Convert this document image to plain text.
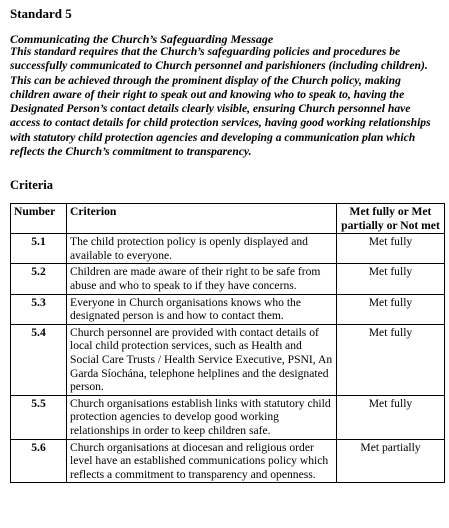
Standard 5
Communicating the Church’s Safeguarding Message

This standard requires that the Church’s safeguarding policies and procedures be successfully communicated to Church personnel and parishioners (including children). This can be achieved through the prominent display of the Church policy, making children aware of their right to speak out and knowing who to speak to, having the Designated Person’s contact details clearly visible, ensuring Church personnel have access to contact details for child protection services, having good working relationships with statutory child protection agencies and developing a communication plan which reflects the Church’s commitment to transparency.

Criteria
Number	Criterion	Met fully or Met partially or Not met
5.1	The child protection policy is openly displayed and available to everyone.	Met fully
5.2	Children are made aware of their right to be safe from abuse and who to speak to if they have concerns.	Met fully
5.3	Everyone in Church organisations knows who the designated person is and how to contact them.	Met fully
5.4	Church personnel are provided with contact details of local child protection services, such as Health and Social Care Trusts / Health Service Executive, PSNI, An Garda Síochána, telephone helplines and the designated person.	Met fully
5.5	Church organisations establish links with statutory child protection agencies to develop good working relationships in order to keep children safe.	Met fully
5.6	Church organisations at diocesan and religious order level have an established communications policy which reflects a commitment to transparency and openness.	Met partially
